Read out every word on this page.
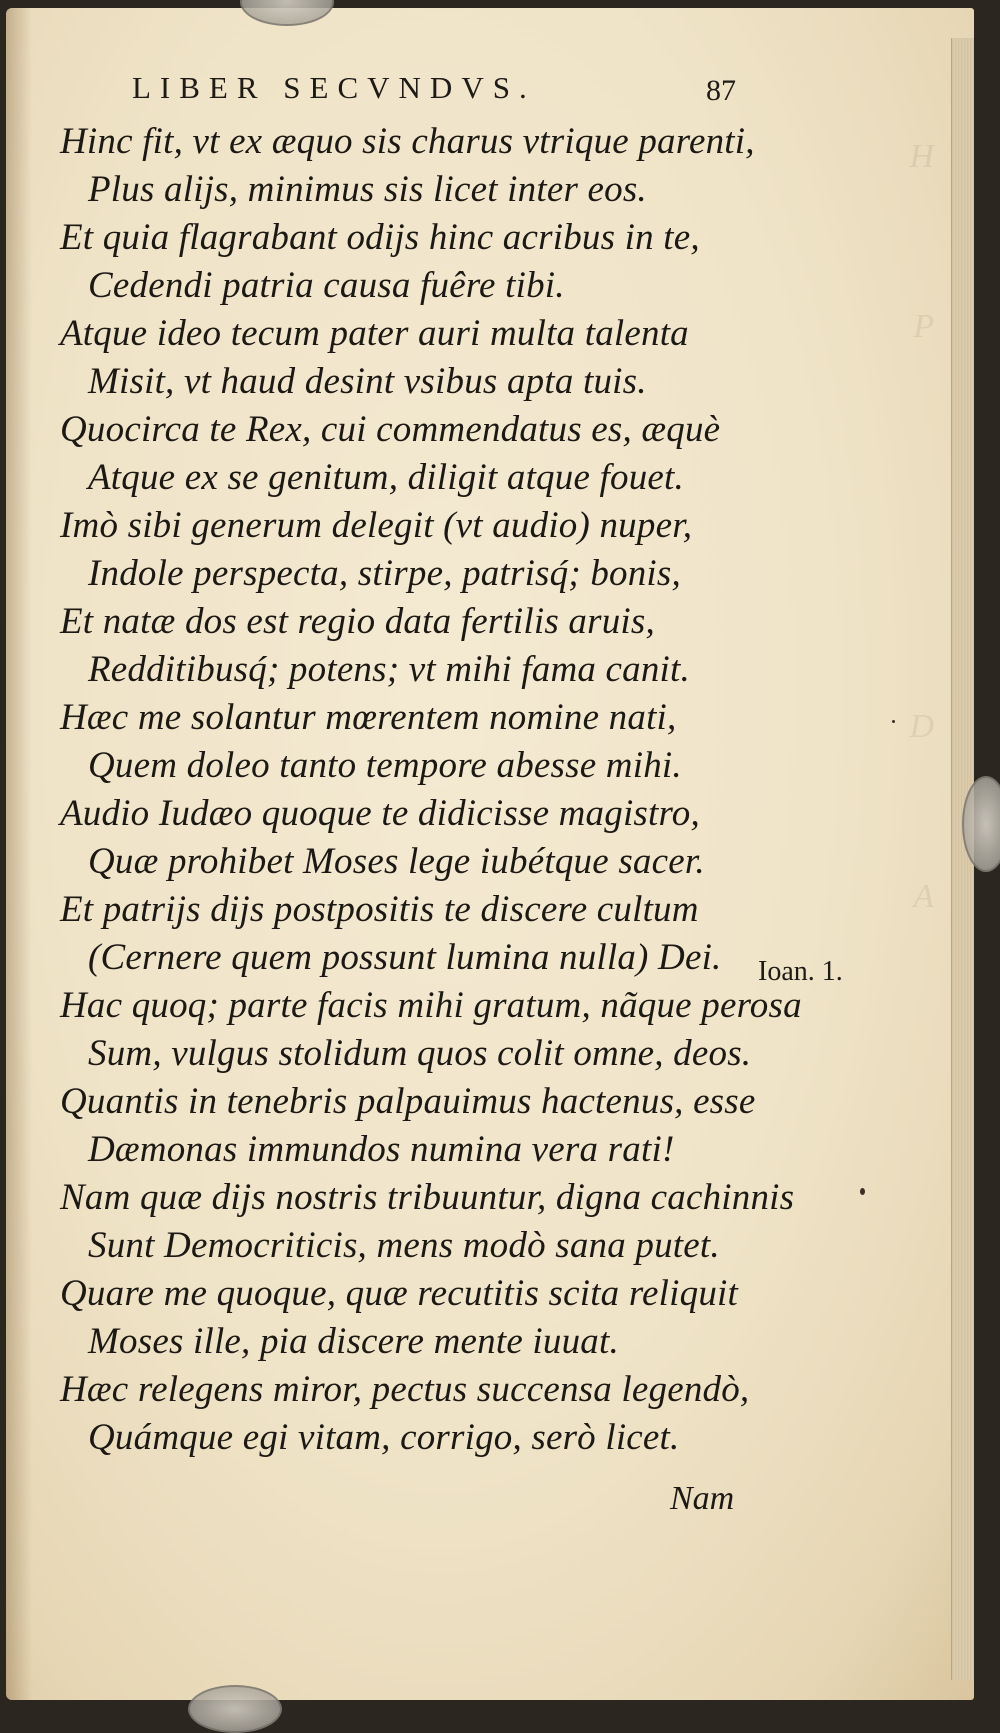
H
P
D
A
LIBER SECVNDVS.	87
Hinc fit, vt ex æquo sis charus vtrique parenti,
Plus alijs, minimus sis licet inter eos.
Et quia flagrabant odijs hinc acribus in te,
Cedendi patria causa fuêre tibi.
Atque ideo tecum pater auri multa talenta
Misit, vt haud desint vsibus apta tuis.
Quocirca te Rex, cui commendatus es, æquè
Atque ex se genitum, diligit atque fouet.
Imò sibi generum delegit (vt audio) nuper,
Indole perspecta, stirpe, patrisq́; bonis,
Et natæ dos est regio data fertilis aruis,
Redditibusq́; potens; vt mihi fama canit.
Hæc me solantur mœrentem nomine nati,
Quem doleo tanto tempore abesse mihi.
Audio Iudæo quoque te didicisse magistro,
Quæ prohibet Moses lege iubétque sacer.
Et patrijs dijs postpositis te discere cultum
(Cernere quem possunt lumina nulla) Dei.
Hac quoq; parte facis mihi gratum, nãque perosa
Sum, vulgus stolidum quos colit omne, deos.
Quantis in tenebris palpauimus hactenus, esse
Dæmonas immundos numina vera rati!
Nam quæ dijs nostris tribuuntur, digna cachinnis
Sunt Democriticis, mens modò sana putet.
Quare me quoque, quæ recutitis scita reliquit
Moses ille, pia discere mente iuuat.
Hæc relegens miror, pectus succensa legendò,
Quámque egi vitam, corrigo, serò licet.
Ioan. 1.
Nam
